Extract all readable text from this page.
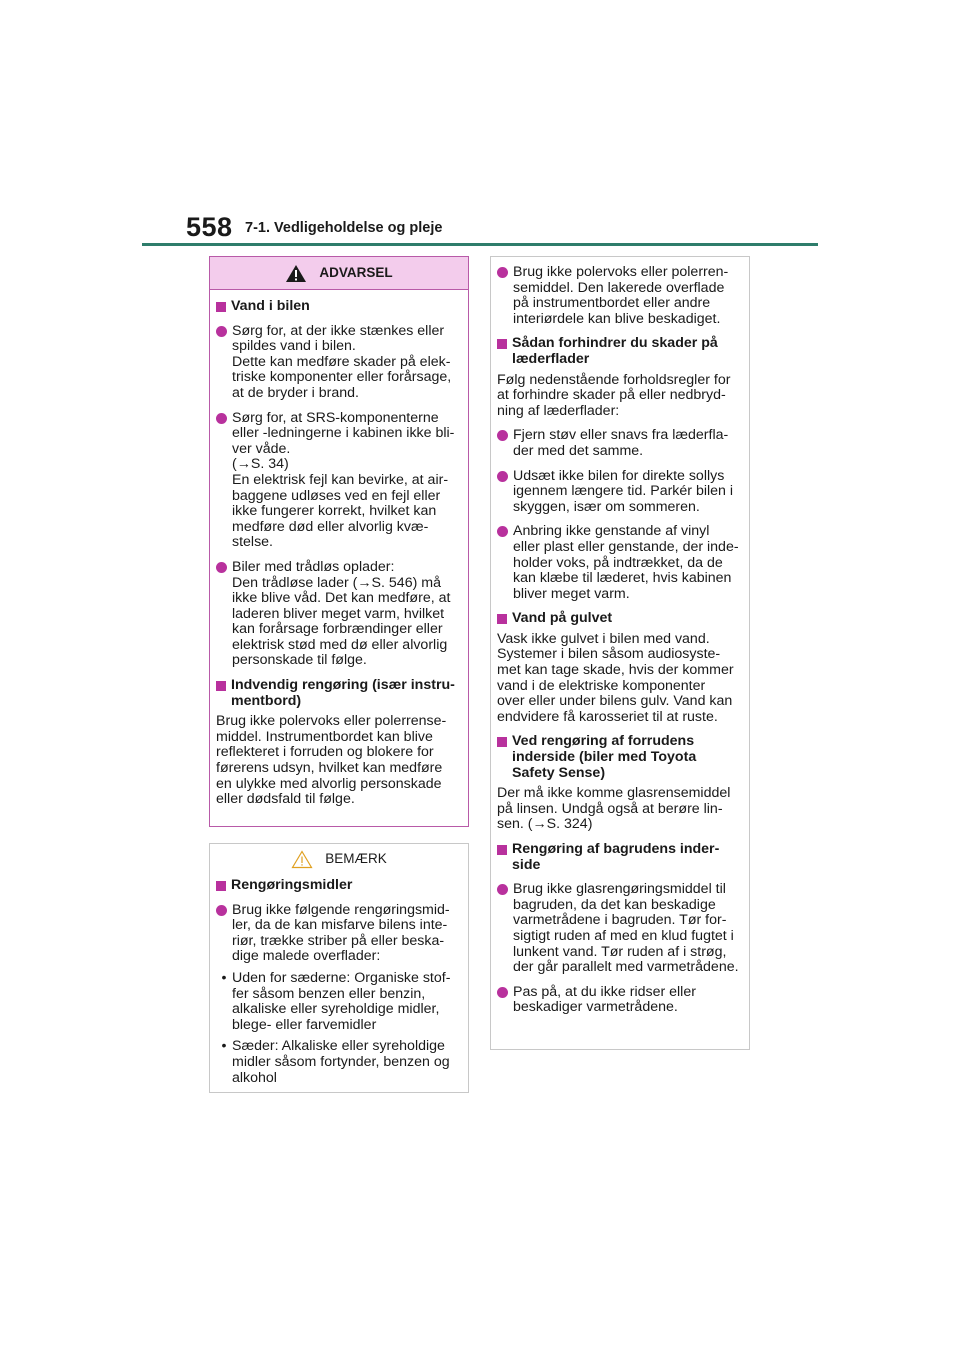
558 7-1. Vedligeholdelse og pleje
ADVARSEL
Vand i bilen
Sørg for, at der ikke stænkes eller
spildes vand i bilen.
Dette kan medføre skader på elek-
triske komponenter eller forårsage,
at de bryder i brand.
Sørg for, at SRS-komponenterne
eller -ledningerne i kabinen ikke bli-
ver våde.
(→S. 34)
En elektrisk fejl kan bevirke, at air-
baggene udløses ved en fejl eller
ikke fungerer korrekt, hvilket kan
medføre død eller alvorlig kvæ-
stelse.
Biler med trådløs oplader:
Den trådløse lader (→S. 546) må
ikke blive våd. Det kan medføre, at
laderen bliver meget varm, hvilket
kan forårsage forbrændinger eller
elektrisk stød med dø eller alvorlig
personskade til følge.
Indvendig rengøring (især instru-
mentbord)
Brug ikke polervoks eller polerrense-
middel. Instrumentbordet kan blive
reflekteret i forruden og blokere for
førerens udsyn, hvilket kan medføre
en ulykke med alvorlig personskade
eller dødsfald til følge.
BEMÆRK
Rengøringsmidler
Brug ikke følgende rengøringsmid-
ler, da de kan misfarve bilens inte-
riør, trække striber på eller beska-
dige malede overflader:
• Uden for sæderne: Organiske stof-
fer såsom benzen eller benzin,
alkaliske eller syreholdige midler,
blege- eller farvemidler
• Sæder: Alkaliske eller syreholdige
midler såsom fortynder, benzen og
alkohol
Brug ikke polervoks eller polerren-
semiddel. Den lakerede overflade
på instrumentbordet eller andre
interiørdele kan blive beskadiget.
Sådan forhindrer du skader på
læderflader
Følg nedenstående forholdsregler for
at forhindre skader på eller nedbryd-
ning af læderflader:
Fjern støv eller snavs fra læderfla-
der med det samme.
Udsæt ikke bilen for direkte sollys
igennem længere tid. Parkér bilen i
skyggen, især om sommeren.
Anbring ikke genstande af vinyl
eller plast eller genstande, der inde-
holder voks, på indtrækket, da de
kan klæbe til læderet, hvis kabinen
bliver meget varm.
Vand på gulvet
Vask ikke gulvet i bilen med vand.
Systemer i bilen såsom audiosyste-
met kan tage skade, hvis der kommer
vand i de elektriske komponenter
over eller under bilens gulv. Vand kan
endvidere få karosseriet til at ruste.
Ved rengøring af forrudens
inderside (biler med Toyota
Safety Sense)
Der må ikke komme glasrensemiddel
på linsen. Undgå også at berøre lin-
sen. (→S. 324)
Rengøring af bagrudens inder-
side
Brug ikke glasrengøringsmiddel til
bagruden, da det kan beskadige
varmetrådene i bagruden. Tør for-
sigtigt ruden af med en klud fugtet i
lunkent vand. Tør ruden af i strøg,
der går parallelt med varmetrådene.
Pas på, at du ikke ridser eller
beskadiger varmetrådene.
